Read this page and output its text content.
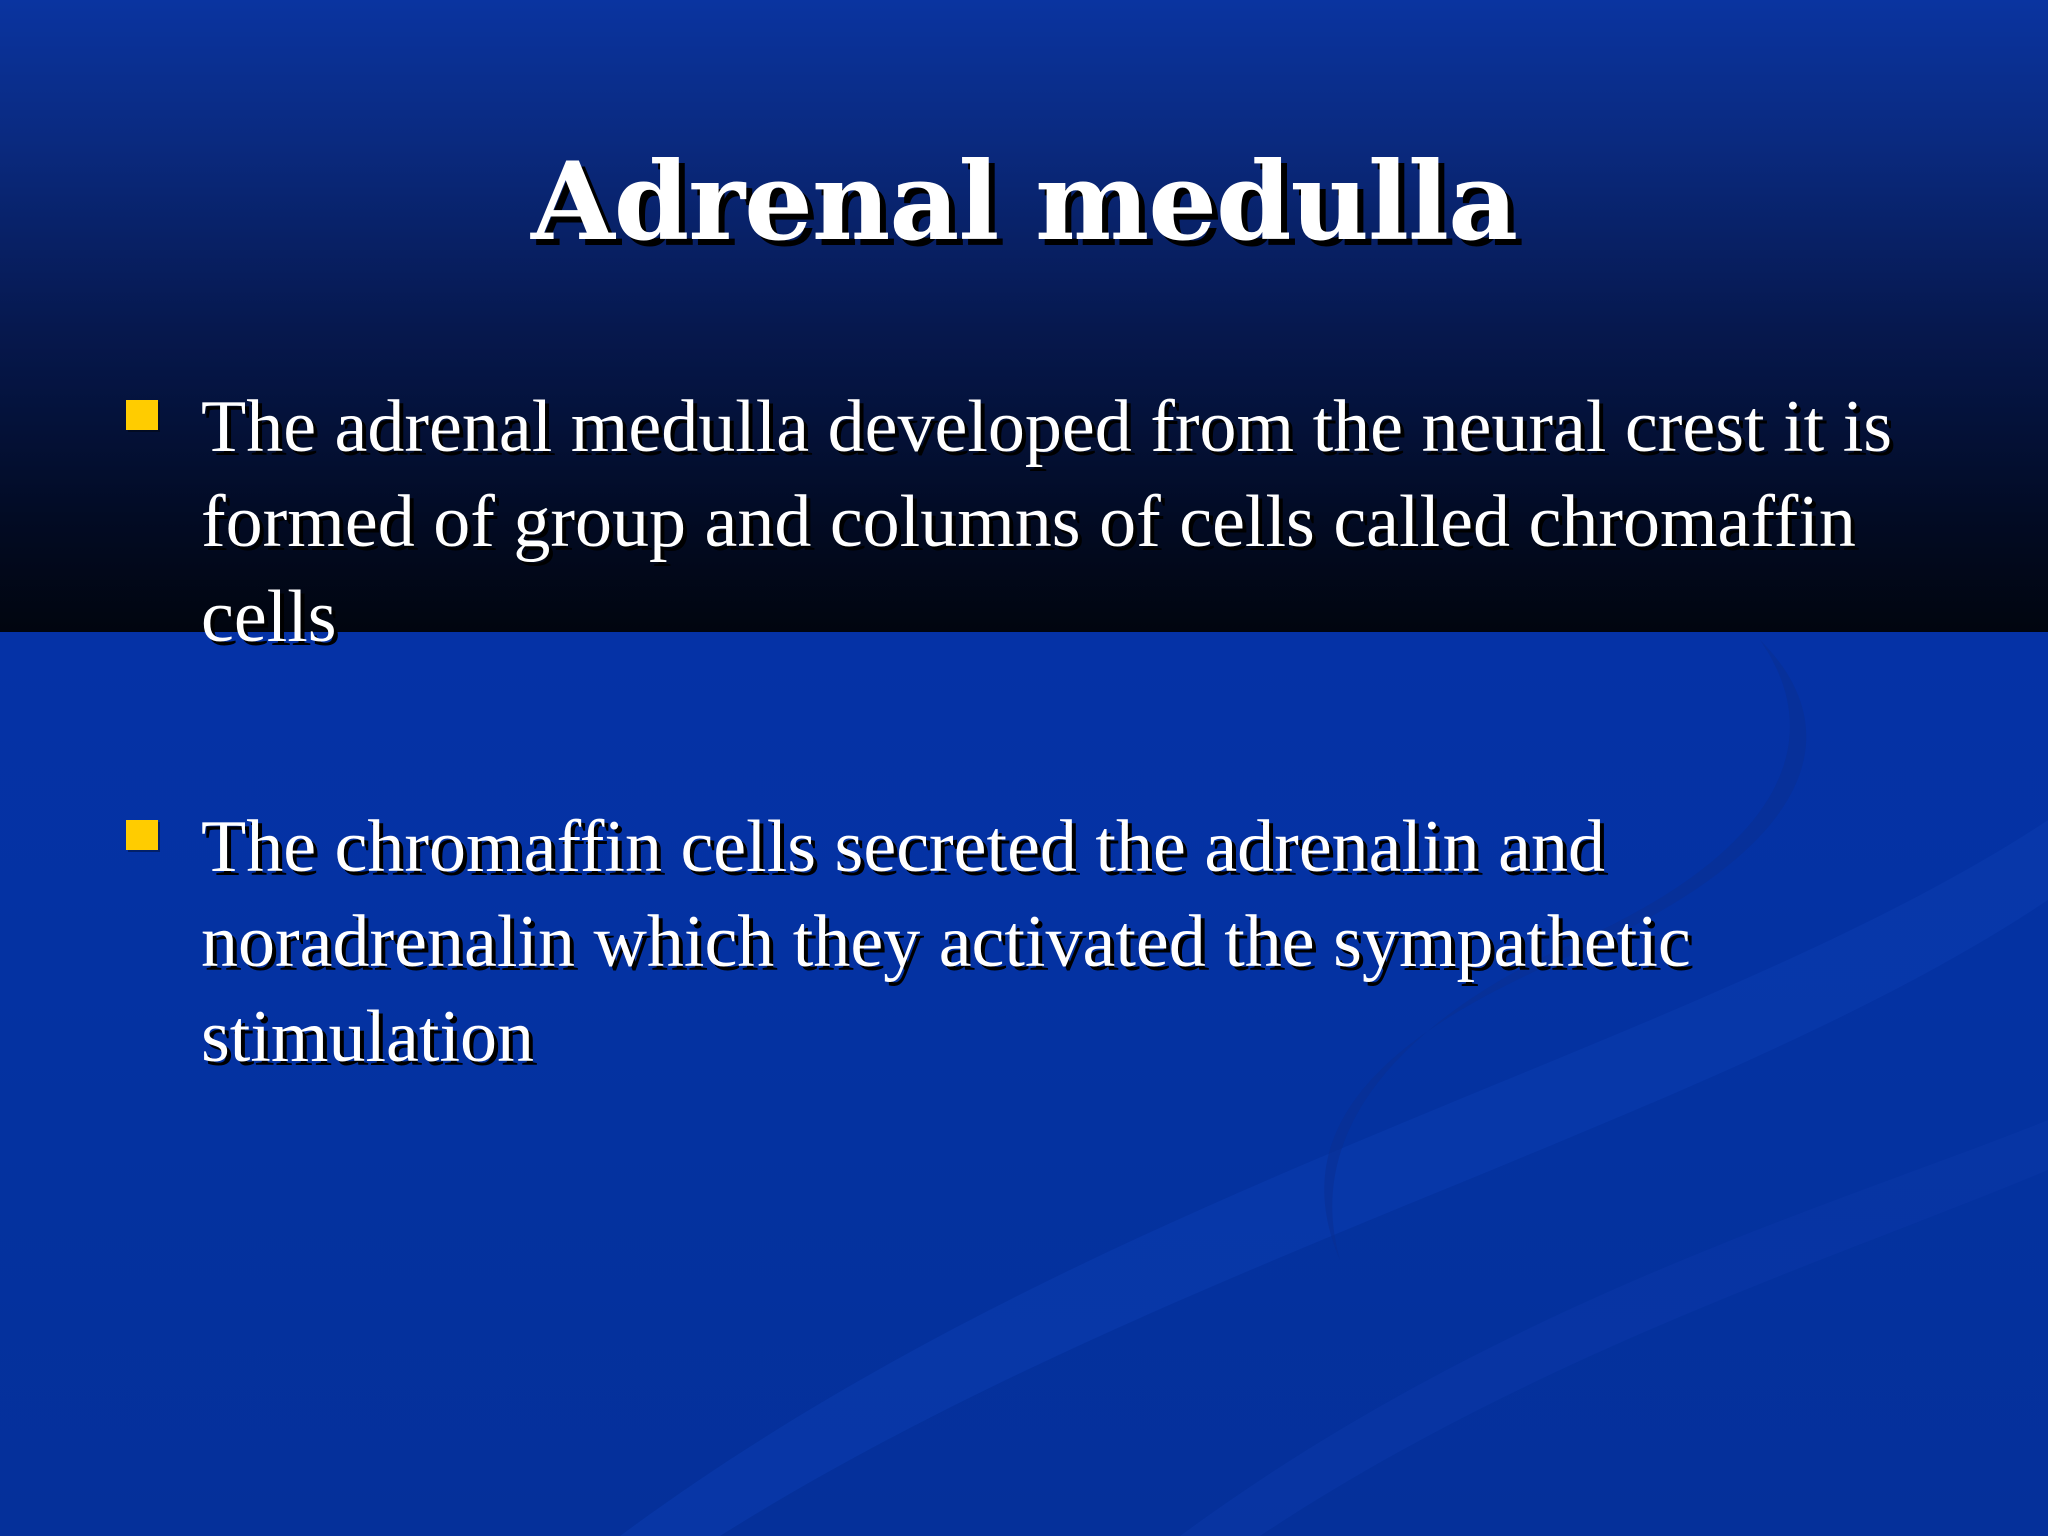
Adrenal medulla
The adrenal medulla developed from the neural crest it is formed of group and columns of cells called chromaffin cells
The chromaffin cells secreted the adrenalin and noradrenalin which they activated the sympathetic stimulation
